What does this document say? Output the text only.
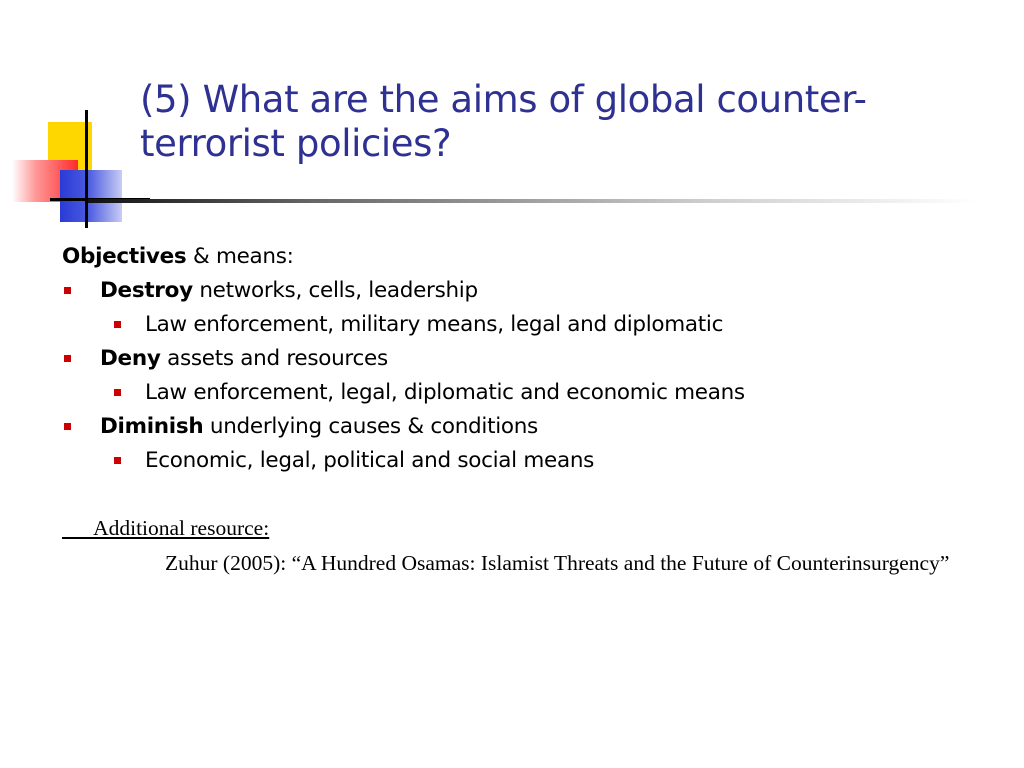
(5) What are the aims of global counter-terrorist policies?

Objectives & means:

Destroy networks, cells, leadership
Law enforcement, military means, legal and diplomatic
Deny assets and resources
Law enforcement, legal, diplomatic and economic means
Diminish underlying causes & conditions
Economic, legal, political and social means
Additional resource:
Zuhur (2005): “A Hundred Osamas: Islamist Threats and the Future of Counterinsurgency”
